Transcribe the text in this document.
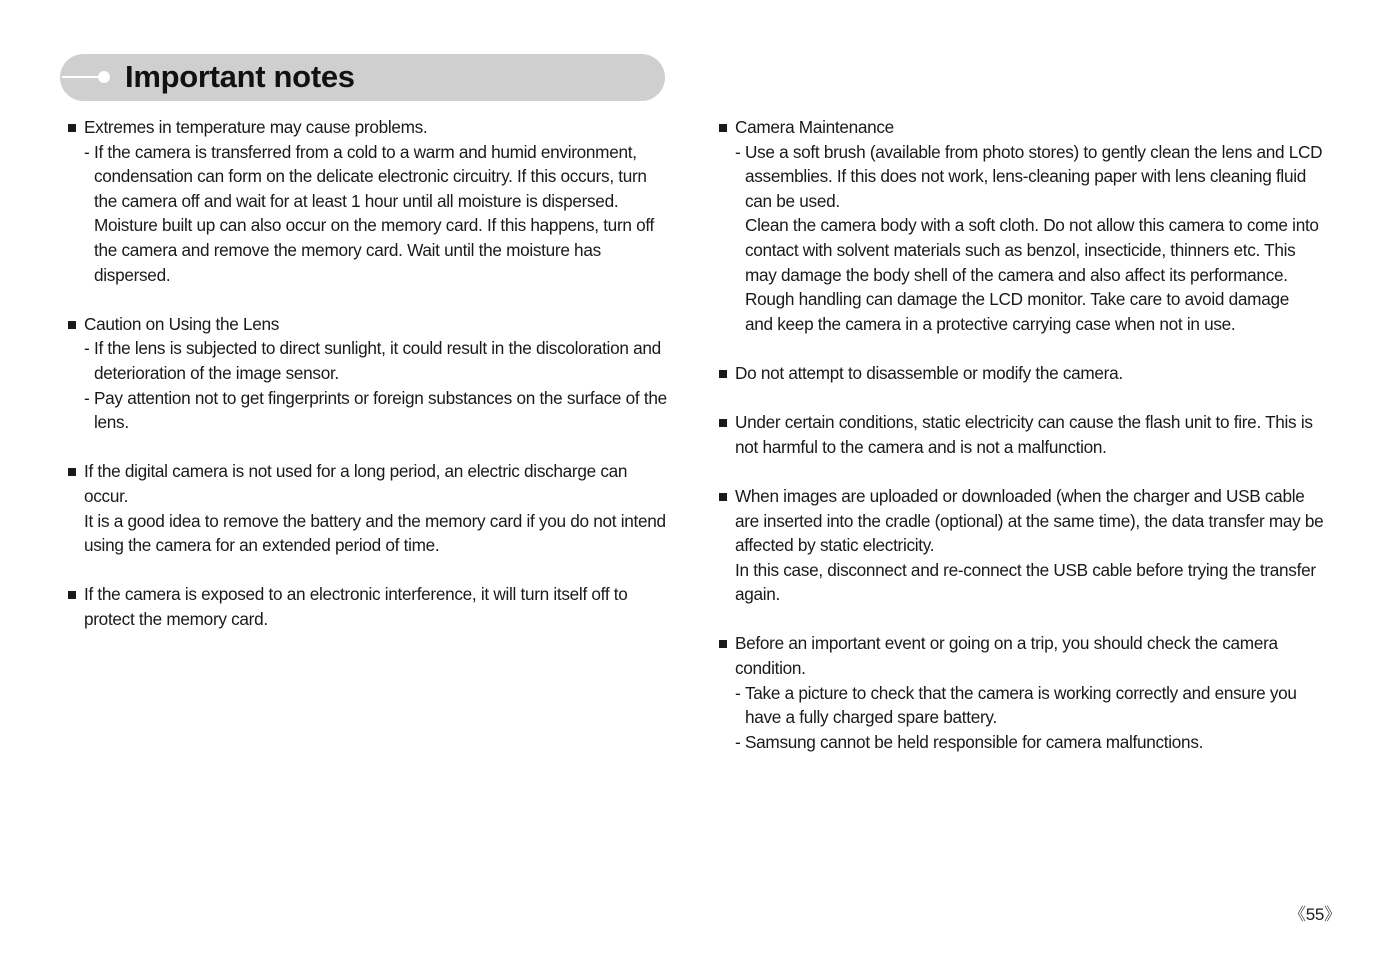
Important notes
Extremes in temperature may cause problems.
- If the camera is transferred from a cold to a warm and humid environment,
condensation can form on the delicate electronic circuitry. If this occurs, turn
the camera off and wait for at least 1 hour until all moisture is dispersed.
Moisture built up can also occur on the memory card. If this happens, turn off
the camera and remove the memory card. Wait until the moisture has
dispersed.
Caution on Using the Lens
- If the lens is subjected to direct sunlight, it could result in the discoloration and
deterioration of the image sensor.
- Pay attention not to get fingerprints or foreign substances on the surface of the
lens.
If the digital camera is not used for a long period, an electric discharge can
occur.
It is a good idea to remove the battery and the memory card if you do not intend
using the camera for an extended period of time.
If the camera is exposed to an electronic interference, it will turn itself off to
protect the memory card.
Camera Maintenance
- Use a soft brush (available from photo stores) to gently clean the lens and LCD
assemblies. If this does not work, lens-cleaning paper with lens cleaning fluid
can be used.
Clean the camera body with a soft cloth. Do not allow this camera to come into
contact with solvent materials such as benzol, insecticide, thinners etc. This
may damage the body shell of the camera and also affect its performance.
Rough handling can damage the LCD monitor. Take care to avoid damage
and keep the camera in a protective carrying case when not in use.
Do not attempt to disassemble or modify the camera.
Under certain conditions, static electricity can cause the flash unit to fire. This is
not harmful to the camera and is not a malfunction.
When images are uploaded or downloaded (when the charger and USB cable
are inserted into the cradle (optional) at the same time), the data transfer may be
affected by static electricity.
In this case, disconnect and re-connect the USB cable before trying the transfer
again.
Before an important event or going on a trip, you should check the camera
condition.
- Take a picture to check that the camera is working correctly and ensure you
have a fully charged spare battery.
- Samsung cannot be held responsible for camera malfunctions.
《55》
